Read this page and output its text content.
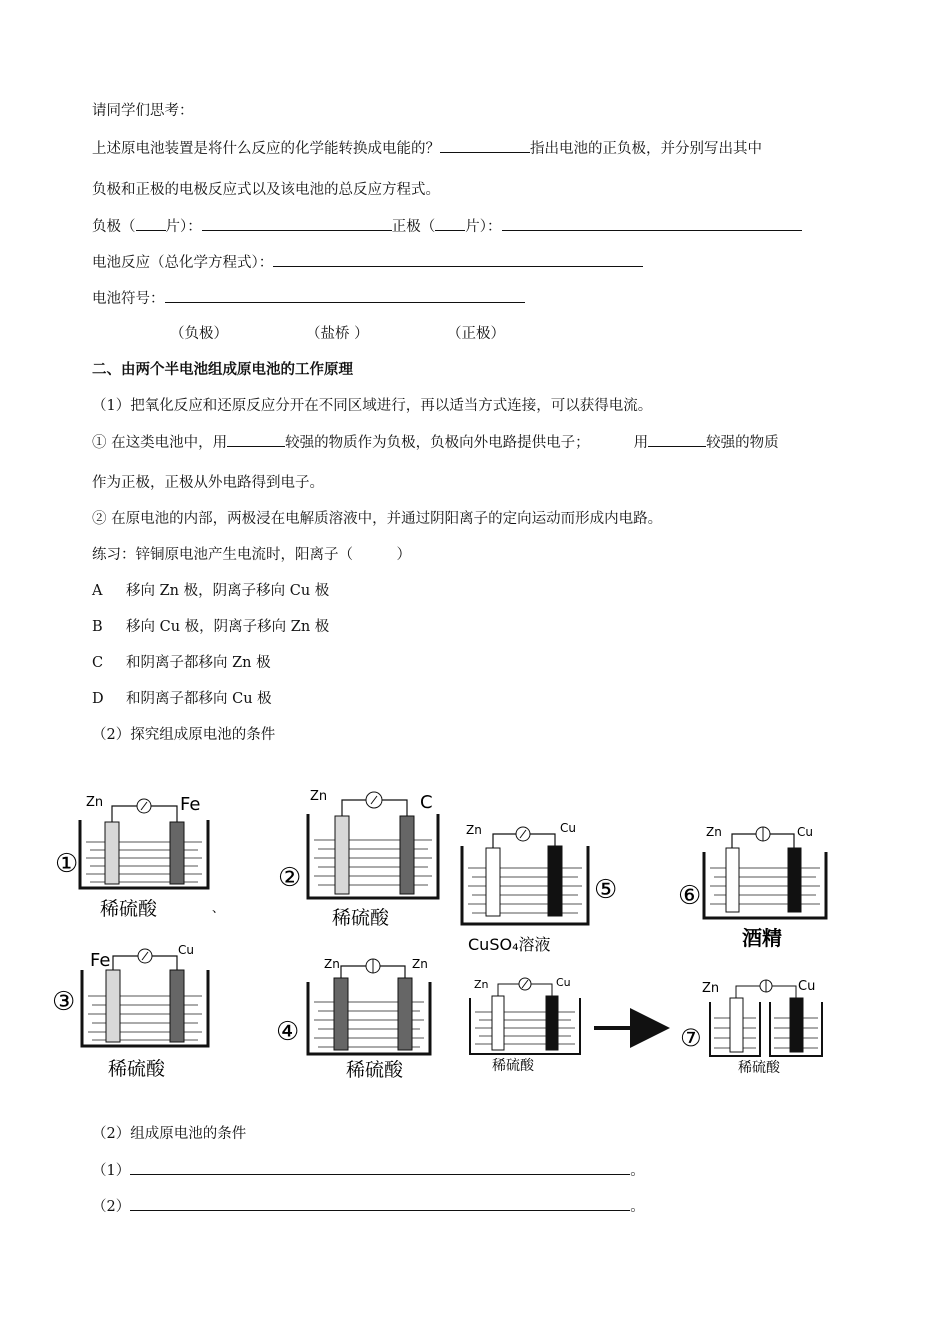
请同学们思考：
上述原电池装置是将什么反应的化学能转换成电能的？	指出电池的正负极，并分别写出其中
负极和正极的电极反应式以及该电池的总反应方程式。
负极（ 片）：	正极（ 片）：
电池反应（总化学方程式）：
电池符号：
（负极）	（盐桥 ）	（正极）
二、由两个半电池组成原电池的工作原理
（1）把氧化反应和还原反应分开在不同区域进行，再以适当方式连接，可以获得电流。
① 在这类电池中，用	较强的物质作为负极，负极向外电路提供电子；	用	较强的物质
作为正极，正极从外电路得到电子。
② 在原电池的内部，两极浸在电解质溶液中，并通过阴阳离子的定向运动而形成内电路。
练习：锌铜原电池产生电流时，阳离子（　　　）
A 移向 Zn 极，阴离子移向 Cu 极
B 移向 Cu 极，阴离子移向 Zn 极
C 和阴离子都移向 Zn 极
D 和阴离子都移向 Cu 极
（2）探究组成原电池的条件
①
Zn	Fe
稀硫酸
②
Zn	C
稀硫酸
Zn	Cu
⑤
CuSO₄溶液
⑥
Zn	Cu
酒精
③
Fe	Cu
稀硫酸
④
Zn	Zn
稀硫酸
Zn	Cu
稀硫酸
⑦
Zn	Cu
稀硫酸
、
（2）组成原电池的条件
（1）	。
（2）	。
